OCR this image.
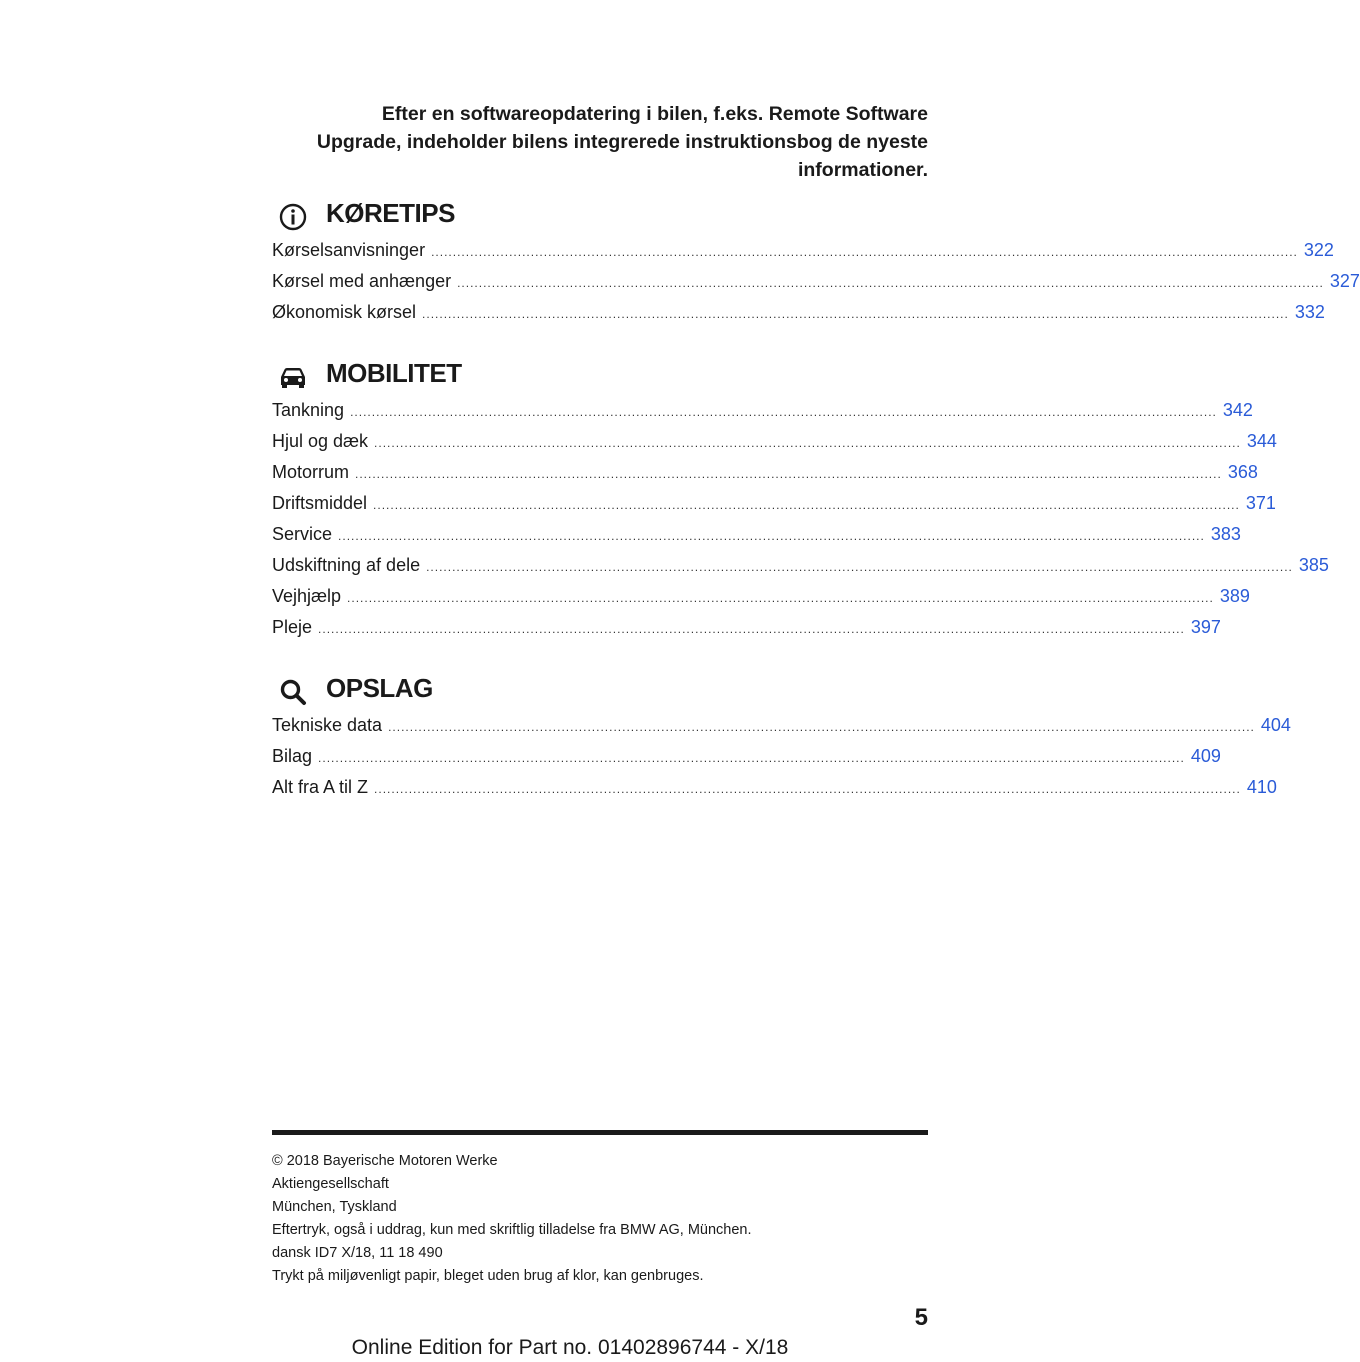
Efter en softwareopdatering i bilen, f.eks. Remote Software
Upgrade, indeholder bilens integrerede instruktionsbog de nyeste
informationer.
KØRETIPS
Kørselsanvisninger ........................................................................................................................................................................................................ 322
Kørsel med anhænger ........................................................................................................................................................................................................ 327
Økonomisk kørsel ........................................................................................................................................................................................................ 332
MOBILITET
Tankning ........................................................................................................................................................................................................ 342
Hjul og dæk ........................................................................................................................................................................................................ 344
Motorrum ........................................................................................................................................................................................................ 368
Driftsmiddel ........................................................................................................................................................................................................ 371
Service ........................................................................................................................................................................................................ 383
Udskiftning af dele ........................................................................................................................................................................................................ 385
Vejhjælp ........................................................................................................................................................................................................ 389
Pleje ........................................................................................................................................................................................................ 397
OPSLAG
Tekniske data ........................................................................................................................................................................................................ 404
Bilag ........................................................................................................................................................................................................ 409
Alt fra A til Z ........................................................................................................................................................................................................ 410
© 2018 Bayerische Motoren Werke
Aktiengesellschaft
München, Tyskland
Eftertryk, også i uddrag, kun med skriftlig tilladelse fra BMW AG, München.
dansk ID7 X/18, 11 18 490
Trykt på miljøvenligt papir, bleget uden brug af klor, kan genbruges.
5
Online Edition for Part no. 01402896744 - X/18
